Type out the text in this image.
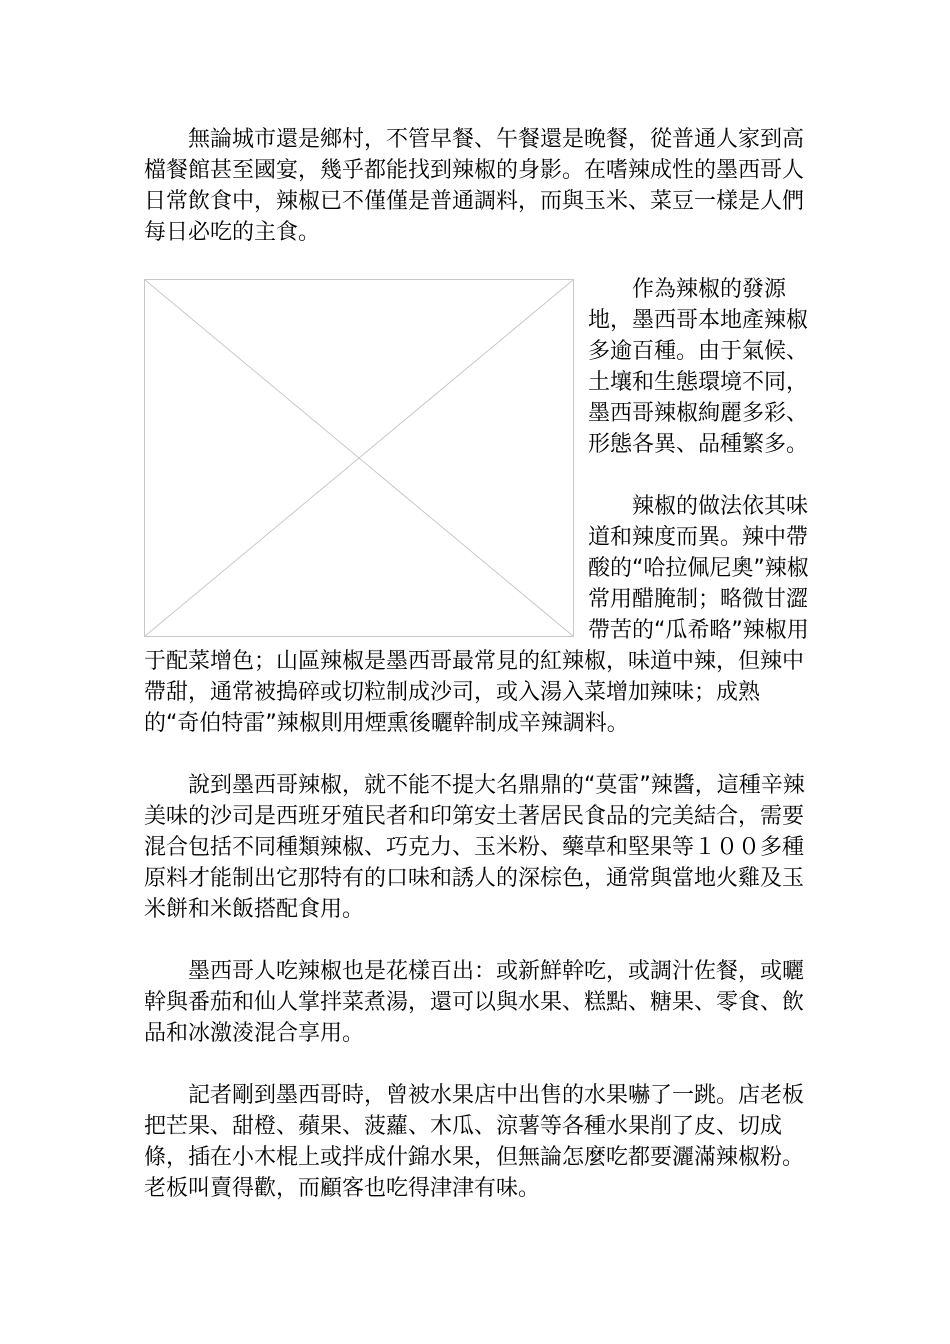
無論城市還是鄉村，不管早餐、午餐還是晚餐，從普通人家到高檔餐館甚至國宴，幾乎都能找到辣椒的身影。在嗜辣成性的墨西哥人日常飲食中，辣椒已不僅僅是普通調料，而與玉米、菜豆一樣是人們每日必吃的主食。

作為辣椒的發源地，墨西哥本地產辣椒多逾百種。由于氣候、土壤和生態環境不同，墨西哥辣椒絢麗多彩、形態各異、品種繁多。

辣椒的做法依其味道和辣度而異。辣中帶酸的“哈拉佩尼奧”辣椒常用醋腌制；略微甘澀帶苦的“瓜希略”辣椒用于配菜增色；山區辣椒是墨西哥最常見的紅辣椒，味道中辣，但辣中帶甜，通常被搗碎或切粒制成沙司，或入湯入菜增加辣味；成熟的“奇伯特雷”辣椒則用煙熏後曬幹制成辛辣調料。

說到墨西哥辣椒，就不能不提大名鼎鼎的“莫雷”辣醬，這種辛辣美味的沙司是西班牙殖民者和印第安土著居民食品的完美結合，需要混合包括不同種類辣椒、巧克力、玉米粉、藥草和堅果等１００多種原料才能制出它那特有的口味和誘人的深棕色，通常與當地火雞及玉米餅和米飯搭配食用。

墨西哥人吃辣椒也是花樣百出：或新鮮幹吃，或調汁佐餐，或曬幹與番茄和仙人掌拌菜煮湯，還可以與水果、糕點、糖果、零食、飲品和冰激淩混合享用。

記者剛到墨西哥時，曾被水果店中出售的水果嚇了一跳。店老板把芒果、甜橙、蘋果、菠蘿、木瓜、涼薯等各種水果削了皮、切成條，插在小木棍上或拌成什錦水果，但無論怎麼吃都要灑滿辣椒粉。老板叫賣得歡，而顧客也吃得津津有味。
